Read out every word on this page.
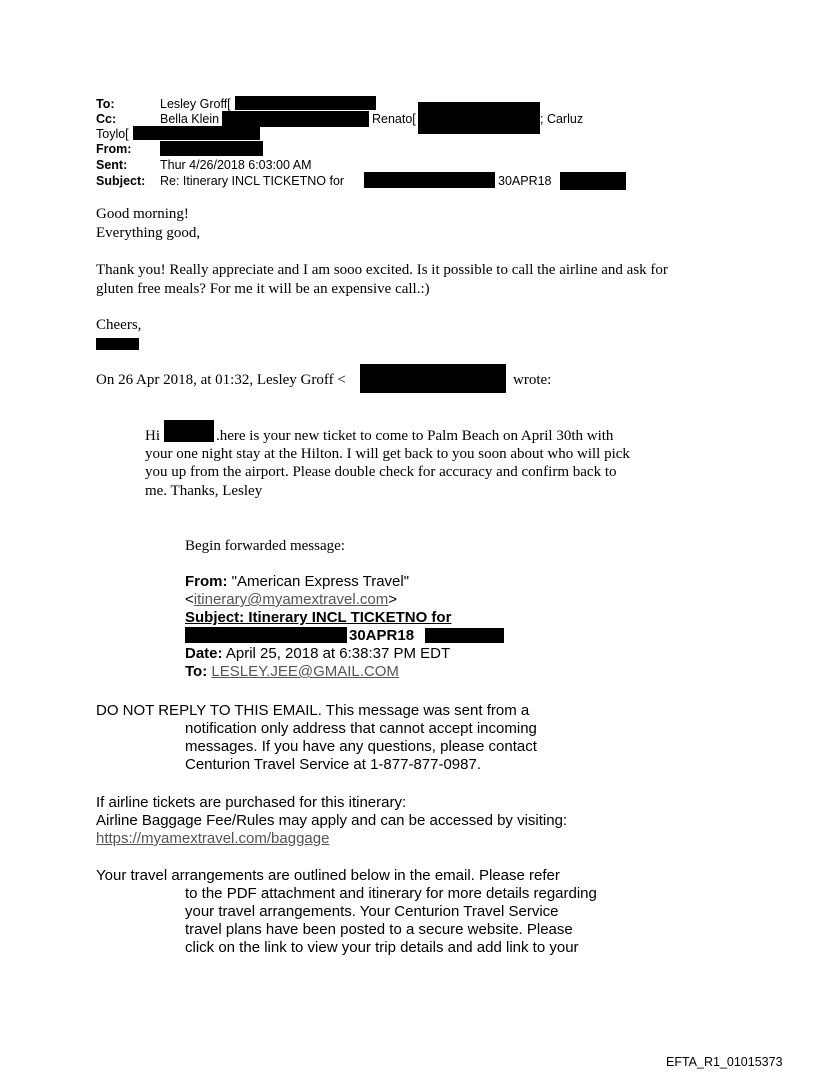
To:	Lesley Groff[
Cc:	Bella Klein	Renato[	; Carluz
Toylo[
From:
Sent:	Thur 4/26/2018 6:03:00 AM
Subject: Re: Itinerary INCL TICKETNO for	30APR18
Good morning!
Everything good,
Thank you! Really appreciate and I am sooo excited. Is it possible to call the airline and ask for
gluten free meals? For me it will be an expensive call.:)
Cheers,
On 26 Apr 2018, at 01:32, Lesley Groff <	wrote:
Hi	.here is your new ticket to come to Palm Beach on April 30th with
your one night stay at the Hilton. I will get back to you soon about who will pick
you up from the airport. Please double check for accuracy and confirm back to
me. Thanks, Lesley
Begin forwarded message:
From: "American Express Travel"
<itinerary@myamextravel.com>
Subject: Itinerary INCL TICKETNO for
30APR18
Date: April 25, 2018 at 6:38:37 PM EDT
To: LESLEY.JEE@GMAIL.COM
DO NOT REPLY TO THIS EMAIL. This message was sent from a
notification only address that cannot accept incoming
messages. If you have any questions, please contact
Centurion Travel Service at 1-877-877-0987.
If airline tickets are purchased for this itinerary:
Airline Baggage Fee/Rules may apply and can be accessed by visiting:
https://myamextravel.com/baggage
Your travel arrangements are outlined below in the email. Please refer
to the PDF attachment and itinerary for more details regarding
your travel arrangements. Your Centurion Travel Service
travel plans have been posted to a secure website. Please
click on the link to view your trip details and add link to your
EFTA_R1_01015373
